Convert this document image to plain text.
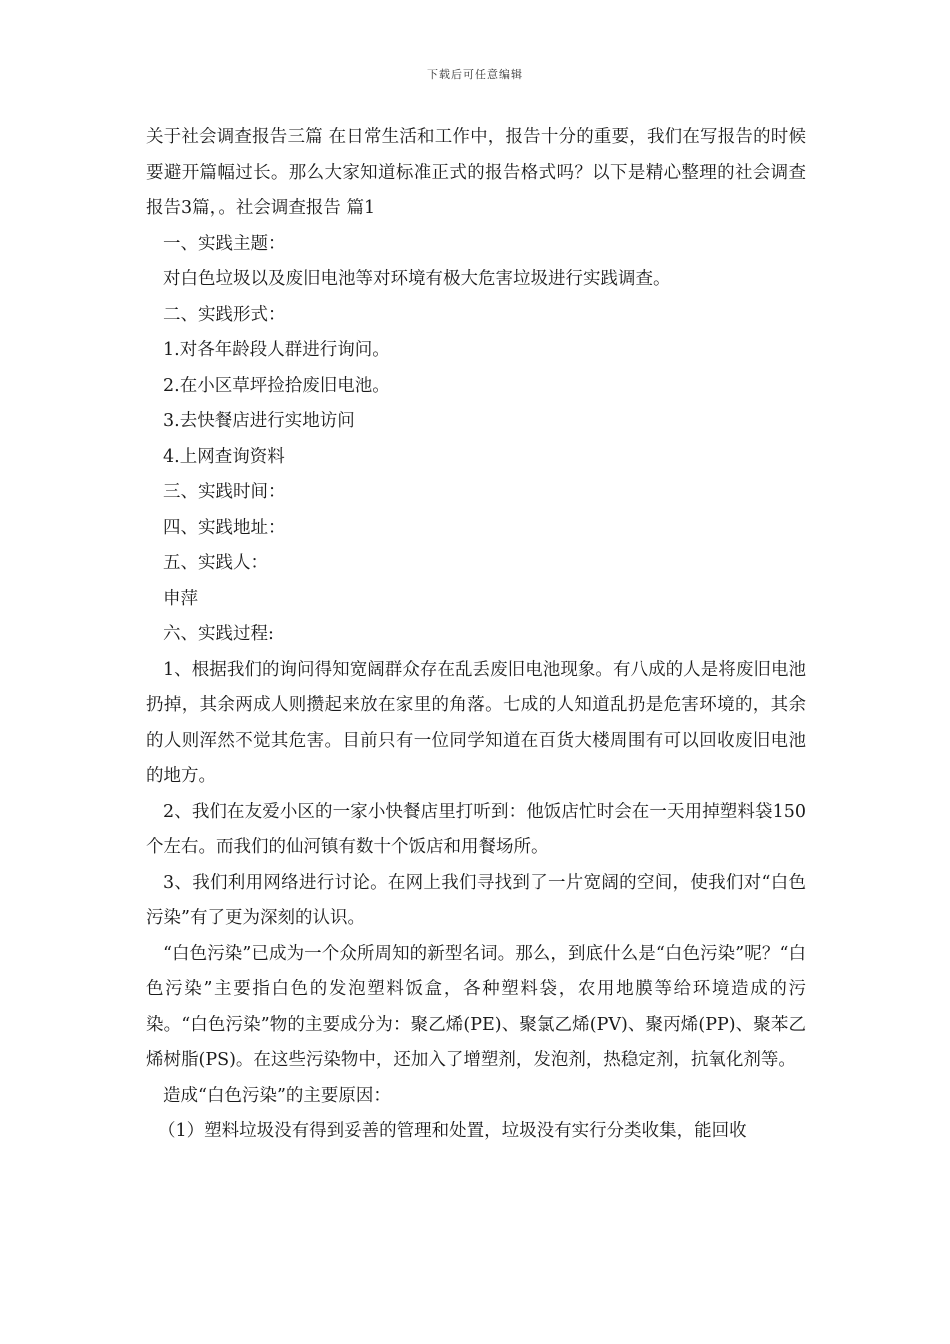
下载后可任意编辑

关于社会调查报告三篇 在日常生活和工作中，报告十分的重要，我们在写报告的时候要避开篇幅过长。那么大家知道标准正式的报告格式吗？以下是精心整理的社会调查报告3篇，。社会调查报告 篇1

一、实践主题：

对白色垃圾以及废旧电池等对环境有极大危害垃圾进行实践调查。

二、实践形式：

1.对各年龄段人群进行询问。

2.在小区草坪捡拾废旧电池。

3.去快餐店进行实地访问

4.上网查询资料

三、实践时间：

四、实践地址：

五、实践人：

申萍

六、实践过程:

1、根据我们的询问得知宽阔群众存在乱丢废旧电池现象。有八成的人是将废旧电池扔掉，其余两成人则攒起来放在家里的角落。七成的人知道乱扔是危害环境的，其余的人则浑然不觉其危害。目前只有一位同学知道在百货大楼周围有可以回收废旧电池的地方。

2、我们在友爱小区的一家小快餐店里打听到：他饭店忙时会在一天用掉塑料袋150个左右。而我们的仙河镇有数十个饭店和用餐场所。

3、我们利用网络进行讨论。在网上我们寻找到了一片宽阔的空间，使我们对“白色污染”有了更为深刻的认识。

“白色污染”已成为一个众所周知的新型名词。那么，到底什么是“白色污染”呢？“白色污染”主要指白色的发泡塑料饭盒，各种塑料袋，农用地膜等给环境造成的污染。“白色污染”物的主要成分为：聚乙烯(PE)、聚氯乙烯(PV)、聚丙烯(PP)、聚苯乙烯树脂(PS)。在这些污染物中，还加入了增塑剂，发泡剂，热稳定剂，抗氧化剂等。

造成“白色污染”的主要原因：

（1）塑料垃圾没有得到妥善的管理和处置，垃圾没有实行分类收集，能回收
